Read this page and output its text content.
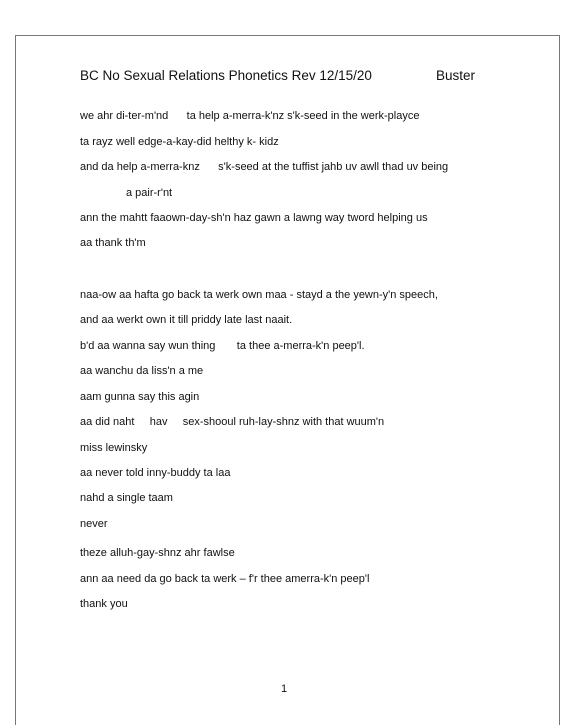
BC No Sexual Relations Phonetics Rev 12/15/20	Buster
we ahr di-ter-m'nd      ta help a-merra-k'nz s'k-seed in the werk-playce
ta rayz well edge-a-kay-did helthy k- kidz
and da help a-merra-knz      s'k-seed at the tuffist jahb uv awll thad uv being
a pair-r'nt
ann the mahtt faaown-day-sh'n haz gawn a lawng way tword helping us
aa thank th'm
naa-ow aa hafta go back ta werk own maa - stayd a the yewn-y'n speech,
and aa werkt own it till priddy late last naait.
b'd aa wanna say wun thing       ta thee a-merra-k'n peep'l.
aa wanchu da liss'n a me
aam gunna say this agin
aa did naht     hav     sex-shooul ruh-lay-shnz with that wuum'n
miss lewinsky
aa never told inny-buddy ta laa
nahd a single taam
never
theze alluh-gay-shnz ahr fawlse
ann aa need da go back ta werk – f'r thee amerra-k'n peep'l
thank you
1
